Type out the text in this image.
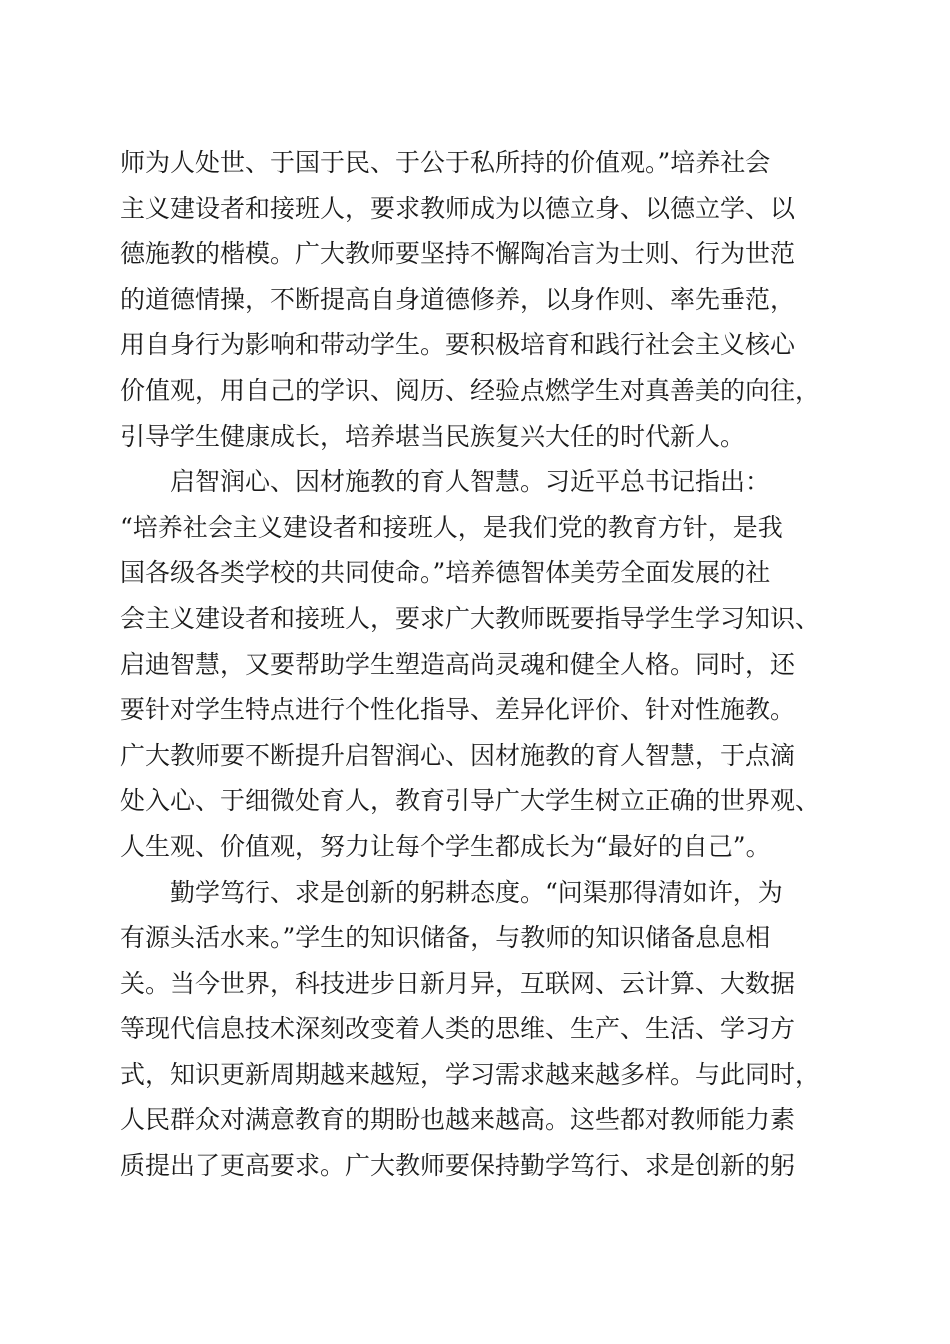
师为人处世、于国于民、于公于私所持的价值观。”培养社会
主义建设者和接班人，要求教师成为以德立身、以德立学、以
德施教的楷模。广大教师要坚持不懈陶冶言为士则、行为世范
的道德情操，不断提高自身道德修养，以身作则、率先垂范，
用自身行为影响和带动学生。要积极培育和践行社会主义核心
价值观，用自己的学识、阅历、经验点燃学生对真善美的向往，
引导学生健康成长，培养堪当民族复兴大任的时代新人。
启智润心、因材施教的育人智慧。习近平总书记指出：
“培养社会主义建设者和接班人，是我们党的教育方针，是我
国各级各类学校的共同使命。”培养德智体美劳全面发展的社
会主义建设者和接班人，要求广大教师既要指导学生学习知识、
启迪智慧，又要帮助学生塑造高尚灵魂和健全人格。同时，还
要针对学生特点进行个性化指导、差异化评价、针对性施教。
广大教师要不断提升启智润心、因材施教的育人智慧，于点滴
处入心、于细微处育人，教育引导广大学生树立正确的世界观、
人生观、价值观，努力让每个学生都成长为“最好的自己”。
勤学笃行、求是创新的躬耕态度。“问渠那得清如许，为
有源头活水来。”学生的知识储备，与教师的知识储备息息相
关。当今世界，科技进步日新月异，互联网、云计算、大数据
等现代信息技术深刻改变着人类的思维、生产、生活、学习方
式，知识更新周期越来越短，学习需求越来越多样。与此同时，
人民群众对满意教育的期盼也越来越高。这些都对教师能力素
质提出了更高要求。广大教师要保持勤学笃行、求是创新的躬
